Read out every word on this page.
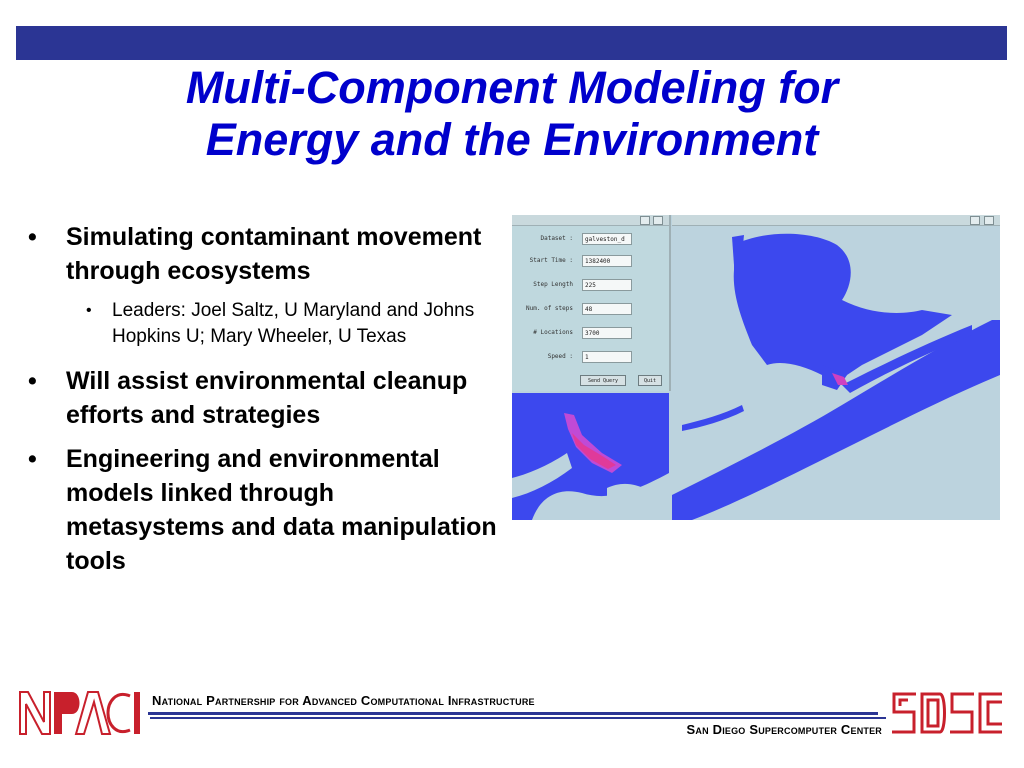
Multi-Component Modeling for
Energy and the Environment
•	Simulating contaminant movement through ecosystems
• Leaders: Joel Saltz, U Maryland and Johns Hopkins U; Mary Wheeler, U Texas
•	Will assist environmental cleanup efforts and strategies
•	Engineering and environmental models linked through metasystems and data manipulation tools
Dataset :	galveston_d
Start Time :	1382400
Step Length	225
Num. of steps	48
# Locations	3700
Speed :	1
Send Query	Quit
National Partnership for Advanced Computational Infrastructure
San Diego Supercomputer Center
